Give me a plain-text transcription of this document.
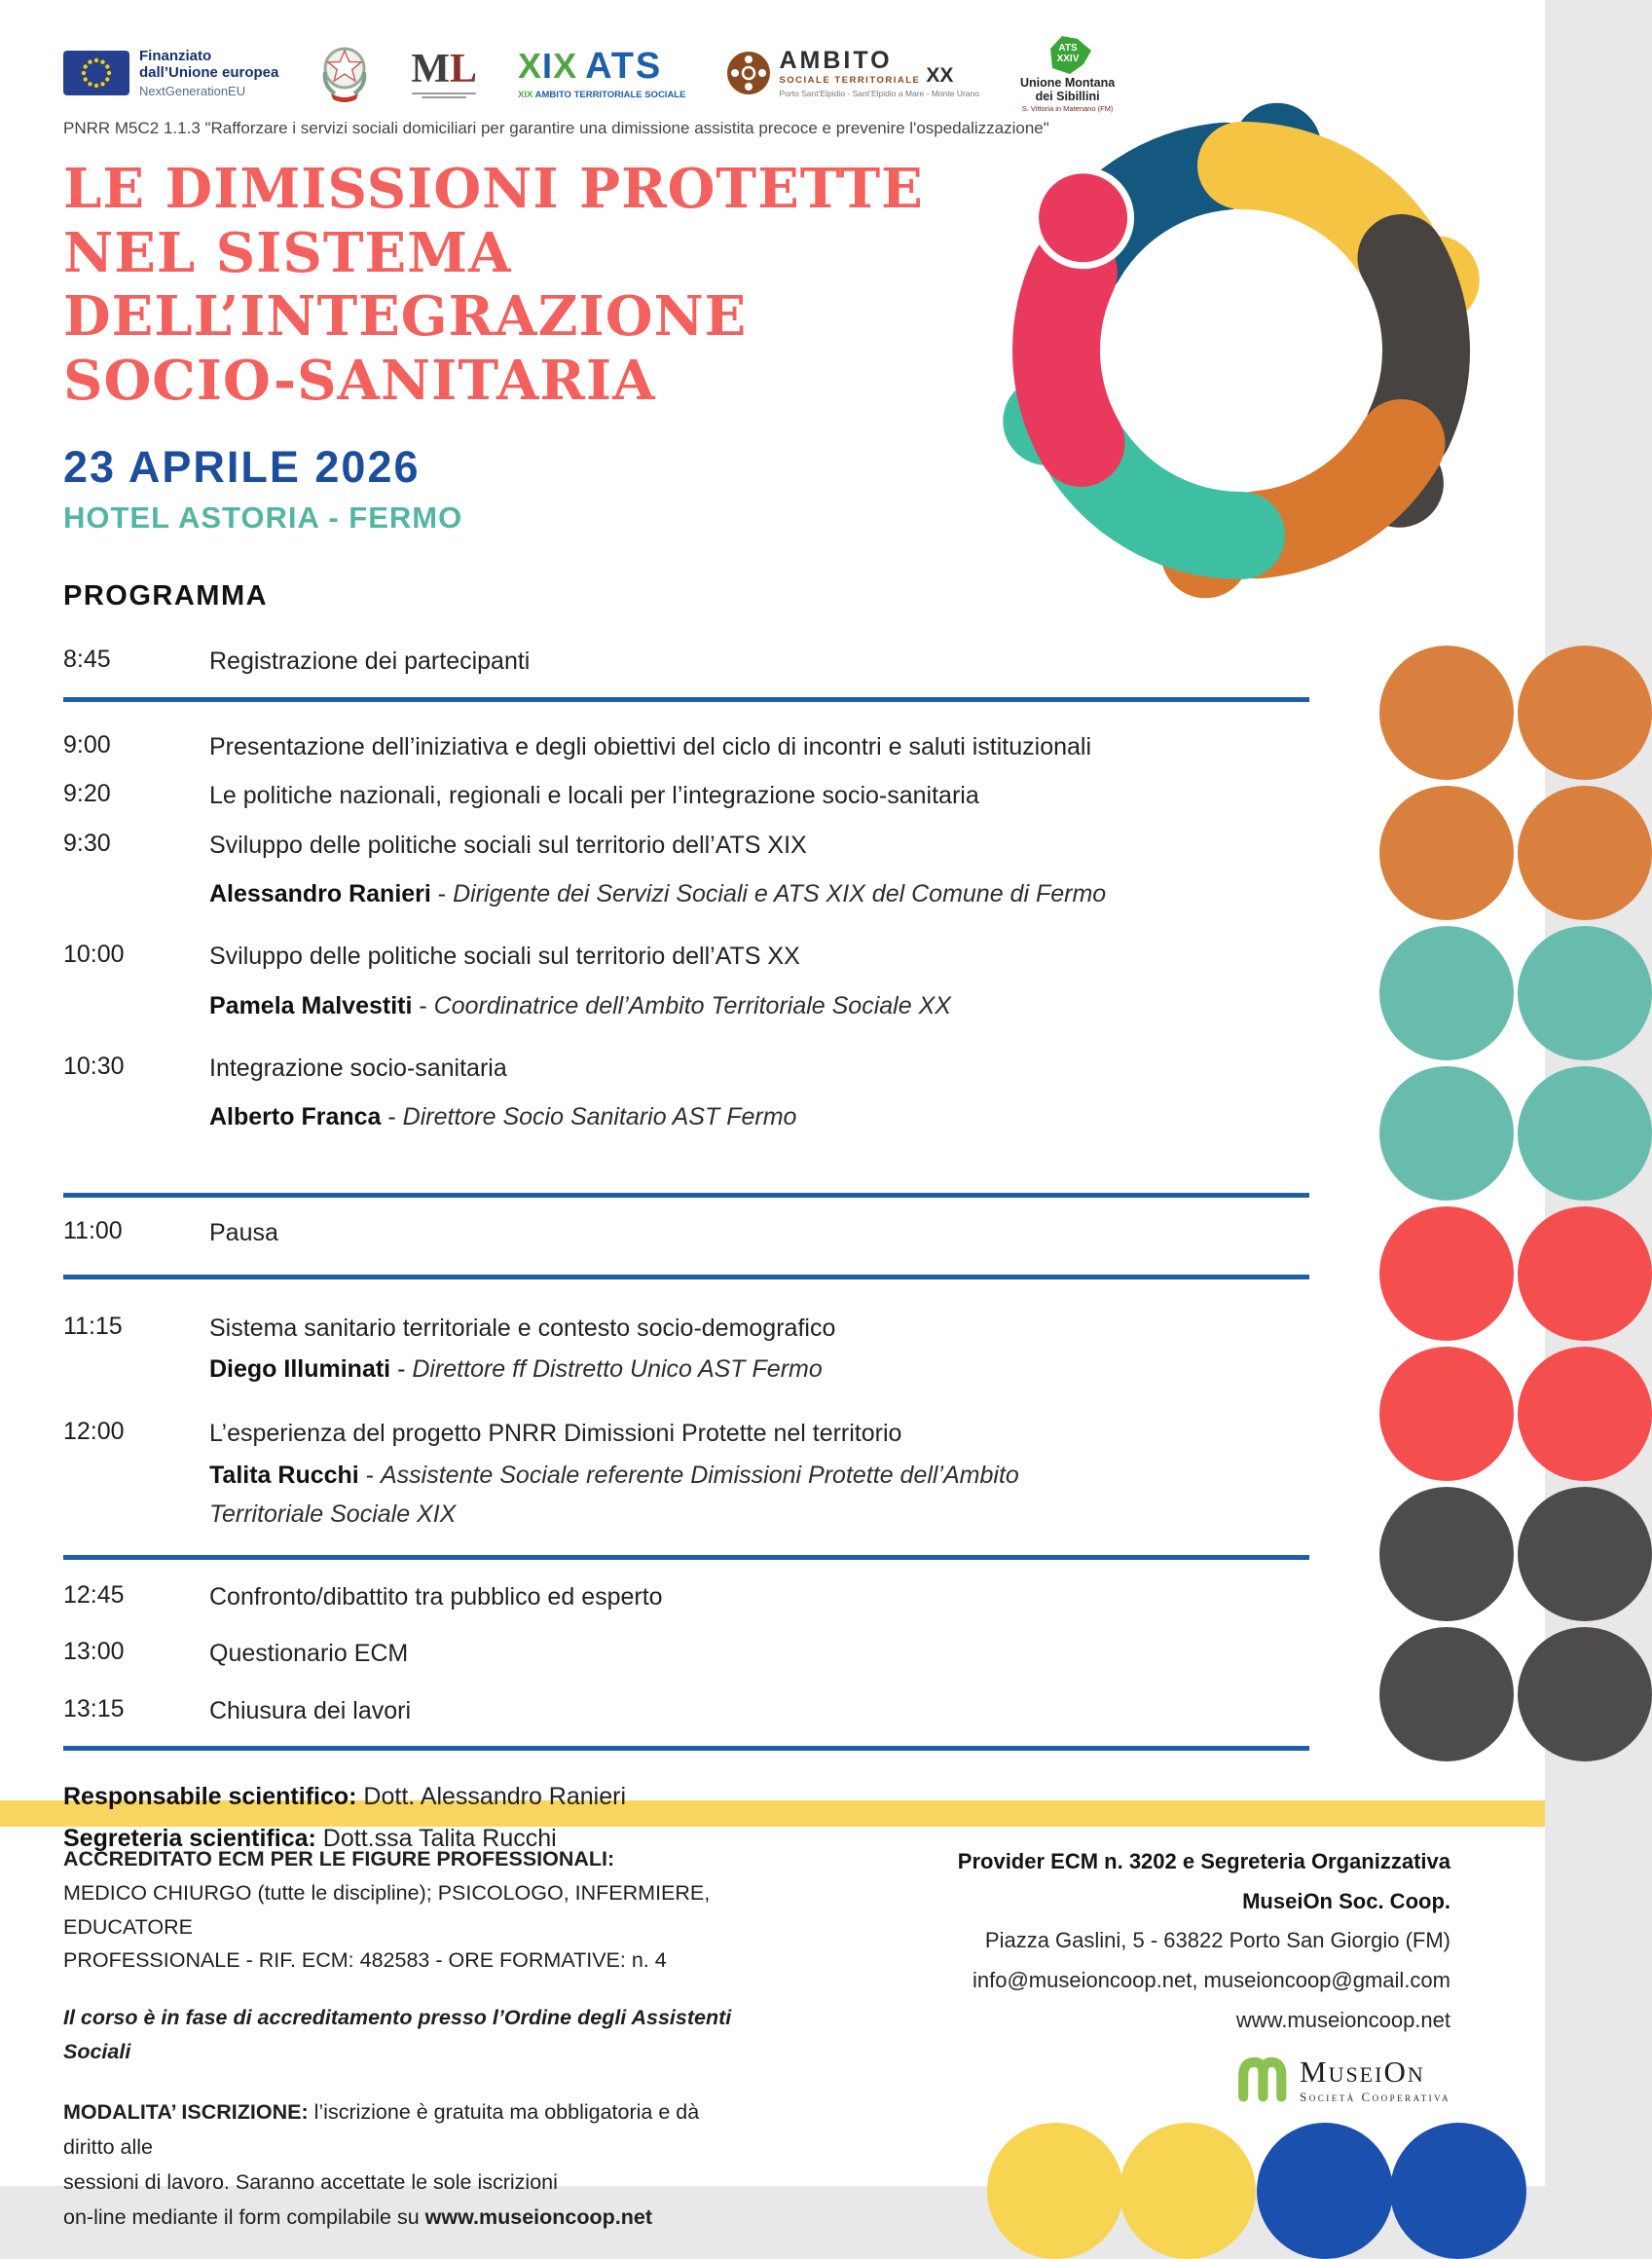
Finanziato
dall’Unione europea
NextGenerationEU
ML XIX ATS
XIX AMBITO TERRITORIALE SOCIALE
AMBITO
SOCIALE TERRITORIALE XX
Porto Sant’Elpidio - Sant’Elpidio a Mare - Monte Urano
ATS
XXIV
Unione Montana
dei Sibillini
S. Vittoria in Matenano (FM)
PNRR M5C2 1.1.3 "Rafforzare i servizi sociali domiciliari per garantire una dimissione assistita precoce e prevenire l'ospedalizzazione"
LE DIMISSIONI PROTETTE
NEL SISTEMA
DELL’INTEGRAZIONE
SOCIO-SANITARIA
23 APRILE 2026
HOTEL ASTORIA - FERMO
PROGRAMMA
8:45	Registrazione dei partecipanti
9:00	Presentazione dell’iniziativa e degli obiettivi del ciclo di incontri e saluti istituzionali
9:20	Le politiche nazionali, regionali e locali per l’integrazione socio-sanitaria
9:30	Sviluppo delle politiche sociali sul territorio dell’ATS XIX
Alessandro Ranieri - Dirigente dei Servizi Sociali e ATS XIX del Comune di Fermo
10:00	Sviluppo delle politiche sociali sul territorio dell’ATS XX
Pamela Malvestiti - Coordinatrice dell’Ambito Territoriale Sociale XX
10:30	Integrazione socio-sanitaria
Alberto Franca - Direttore Socio Sanitario AST Fermo
11:00	Pausa
11:15	Sistema sanitario territoriale e contesto socio-demografico
Diego Illuminati - Direttore ff Distretto Unico AST Fermo
12:00	L’esperienza del progetto PNRR Dimissioni Protette nel territorio
Talita Rucchi - Assistente Sociale referente Dimissioni Protette dell’Ambito Territoriale Sociale XIX
12:45	Confronto/dibattito tra pubblico ed esperto
13:00	Questionario ECM
13:15	Chiusura dei lavori
Responsabile scientifico: Dott. Alessandro Ranieri
Segreteria scientifica: Dott.ssa Talita Rucchi
ACCREDITATO ECM PER LE FIGURE PROFESSIONALI:
MEDICO CHIURGO (tutte le discipline); PSICOLOGO, INFERMIERE, EDUCATORE
PROFESSIONALE - RIF. ECM: 482583 - ORE FORMATIVE: n. 4
Il corso è in fase di accreditamento presso l’Ordine degli Assistenti Sociali
MODALITA’ ISCRIZIONE: l’iscrizione è gratuita ma obbligatoria e dà diritto alle
sessioni di lavoro. Saranno accettate le sole iscrizioni
on-line mediante il form compilabile su www.museioncoop.net
Provider ECM n. 3202 e Segreteria Organizzativa
MuseiOn Soc. Coop.
Piazza Gaslini, 5 - 63822 Porto San Giorgio (FM)
info@museioncoop.net, museioncoop@gmail.com
www.museioncoop.net
MuseiOn
Società Cooperativa
